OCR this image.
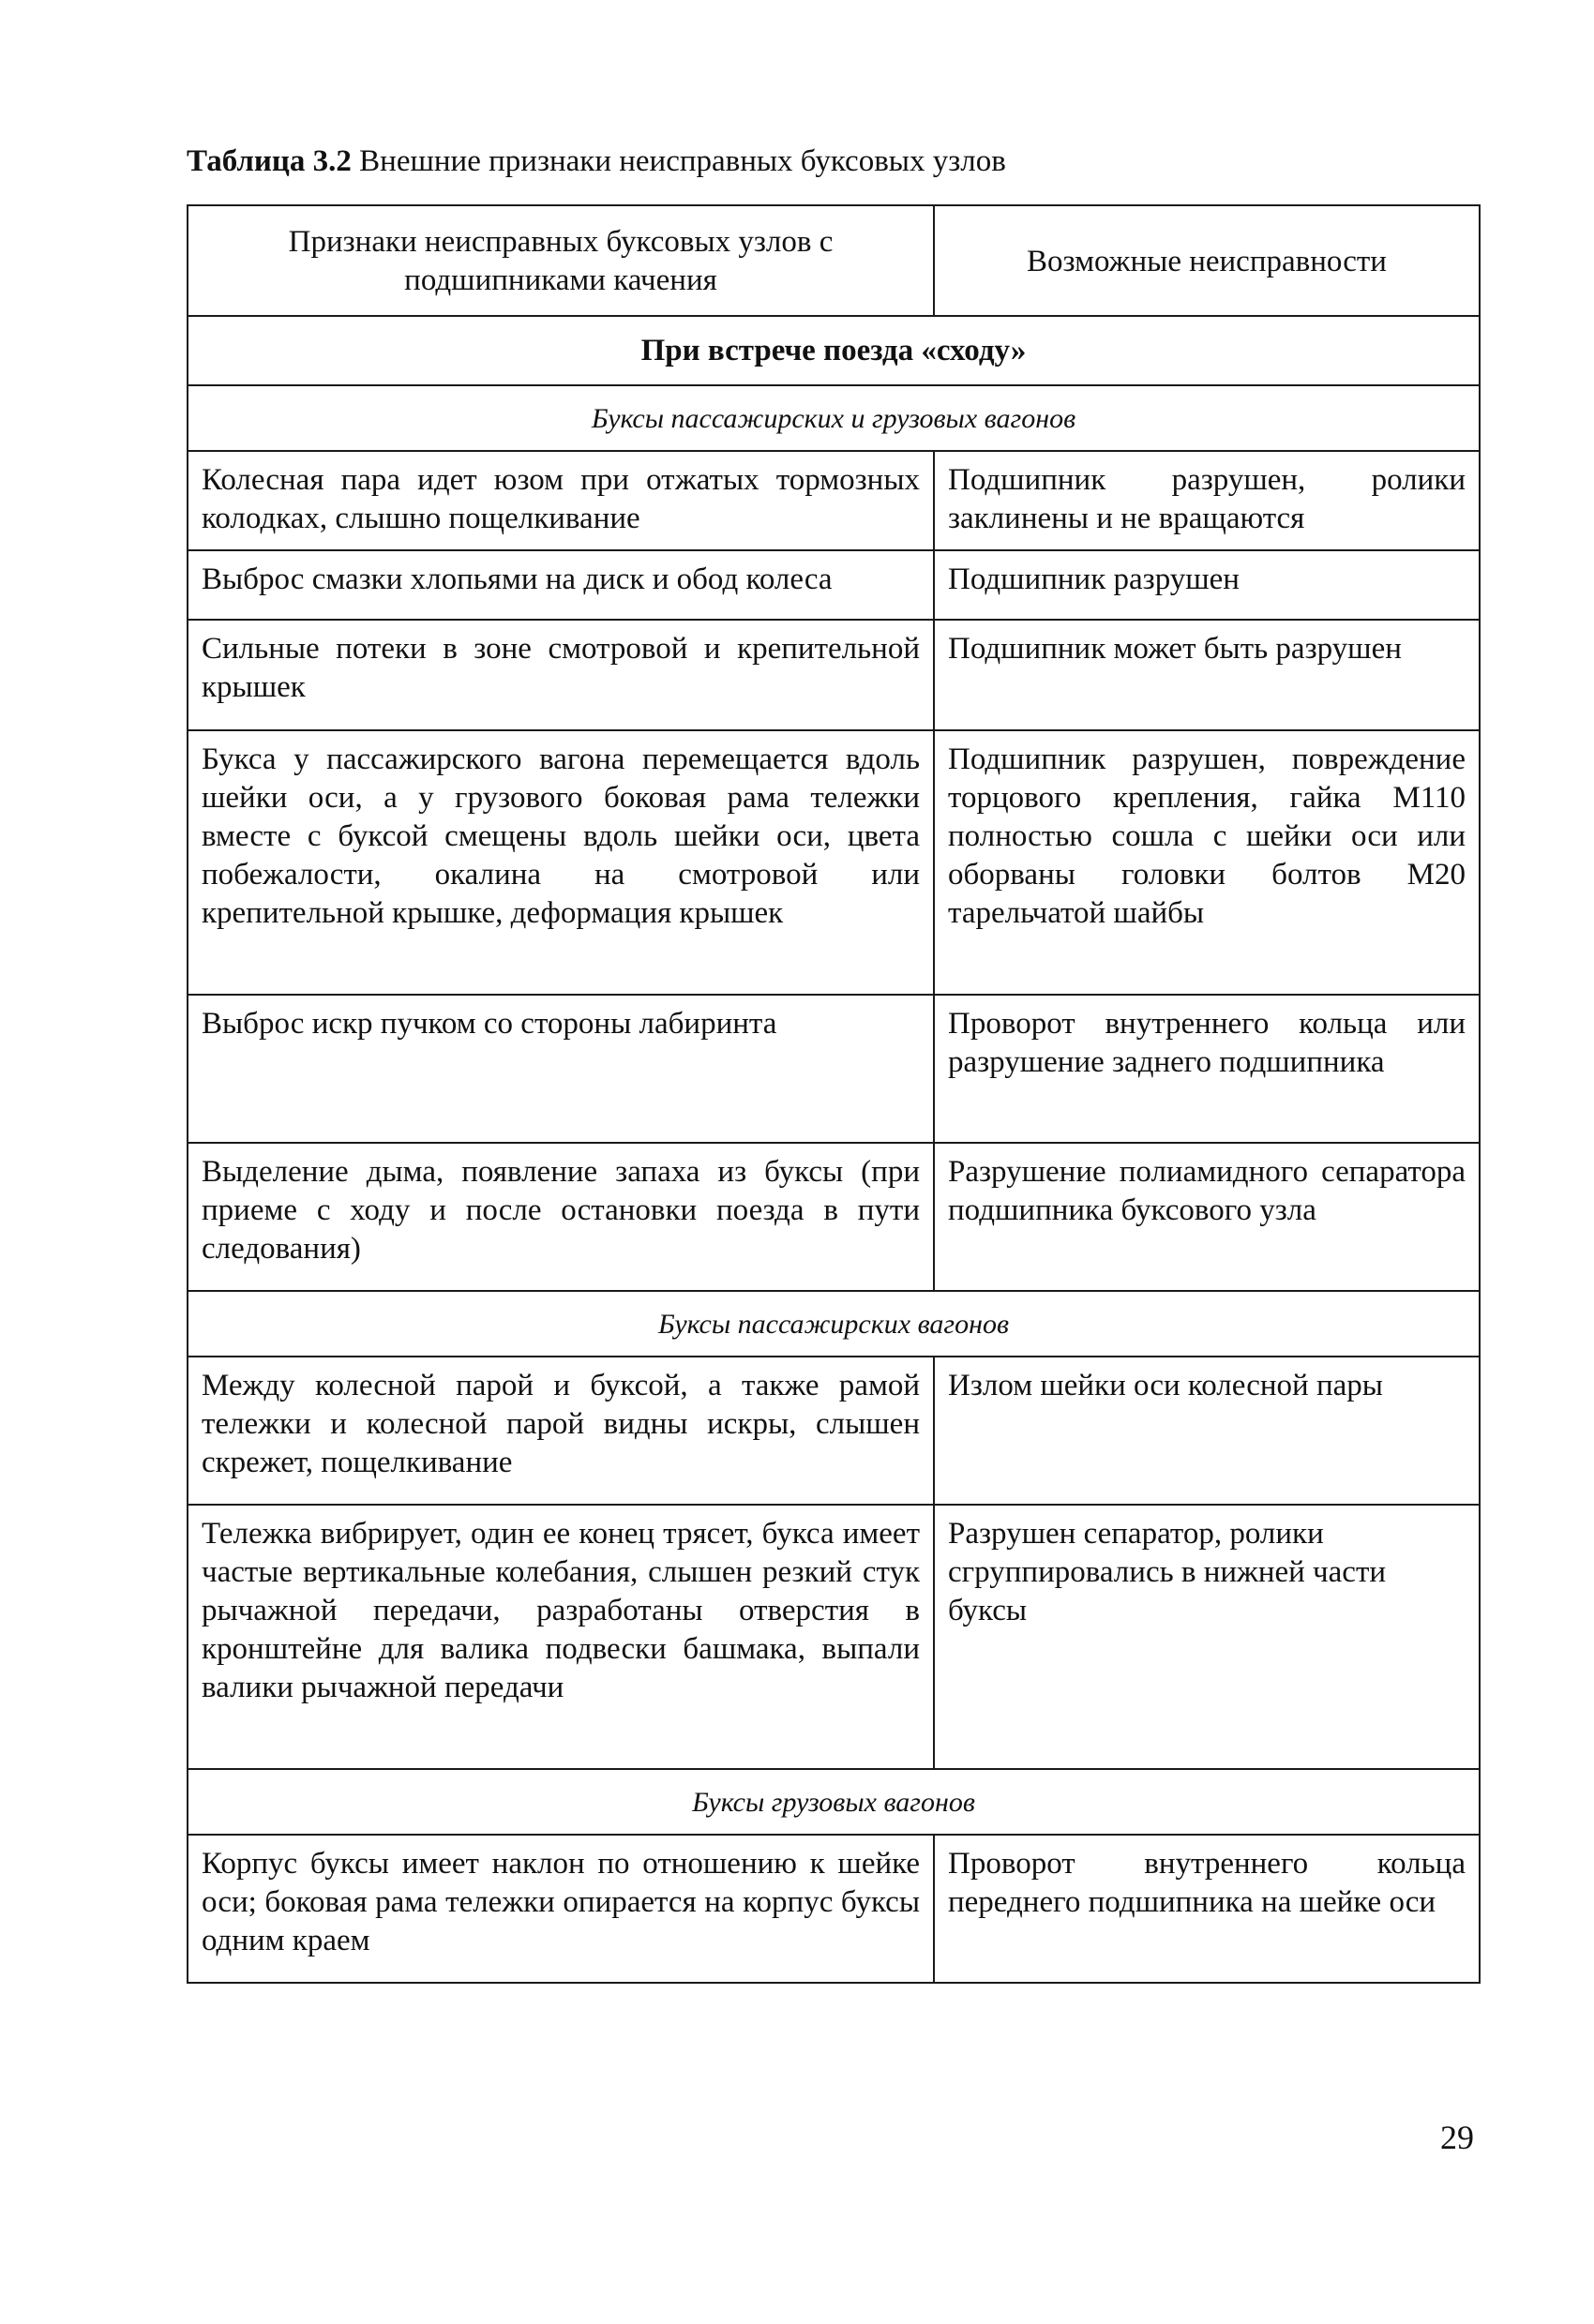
Таблица 3.2 Внешние признаки неисправных буксовых узлов
Признаки неисправных буксовых узлов с подшипниками качения	Возможные неисправности
При встрече поезда «сходу»	
Буксы пассажирских и грузовых вагонов	
Колесная пара идет юзом при отжатых тормозных колодках, слышно пощелкивание	Подшипник разрушен, ролики заклинены и не вращаются
Выброс смазки хлопьями на диск и обод колеса	Подшипник разрушен
Сильные потеки в зоне смотровой и крепительной крышек	Подшипник может быть разрушен
Букса у пассажирского вагона перемещается вдоль шейки оси, а у грузового боковая рама тележки вместе с буксой смещены вдоль шейки оси, цвета побежалости, окалина на смотровой или крепительной крышке, деформация крышек	Подшипник разрушен, повреждение торцового крепления, гайка М110 полностью сошла с шейки оси или оборваны головки болтов М20 тарельчатой шайбы
Выброс искр пучком со стороны лабиринта	Проворот внутреннего кольца или разрушение заднего подшипника
Выделение дыма, появление запаха из буксы (при приеме с ходу и после остановки поезда в пути следования)	Разрушение полиамидного сепаратора подшипника буксового узла
Буксы пассажирских вагонов	
Между колесной парой и буксой, а также рамой тележки и колесной парой видны искры, слышен скрежет, пощелкивание	Излом шейки оси колесной пары
Тележка вибрирует, один ее конец трясет, букса имеет частые вертикальные колебания, слышен резкий стук рычажной передачи, разработаны отверстия в кронштейне для валика подвески башмака, выпали валики рычажной передачи	Разрушен сепаратор, ролики сгруппировались в нижней части буксы
Буксы грузовых вагонов	
Корпус буксы имеет наклон по отношению к шейке оси; боковая рама тележки опирается на корпус буксы одним краем	Проворот внутреннего кольца переднего подшипника на шейке оси
29
